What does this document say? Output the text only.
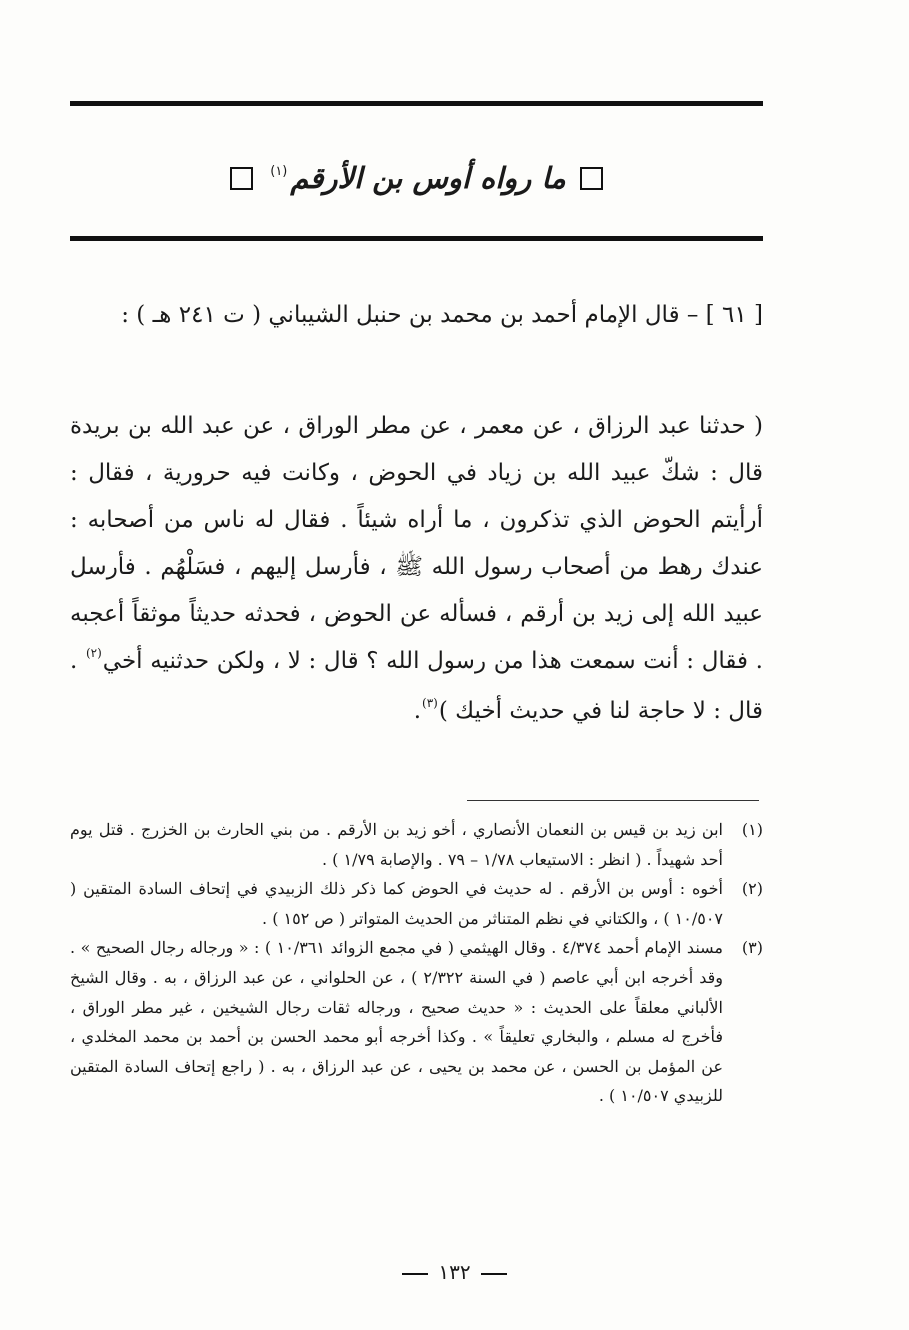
ما رواه أوس بن الأرقم$^{(١)}$
[ ٦١ ] – قال الإمام أحمد بن محمد بن حنبل الشيباني ( ت ٢٤١ هـ ) :
( حدثنا عبد الرزاق ، عن معمر ، عن مطر الوراق ، عن عبد الله بن بريدة قال : شكّ عبيد الله بن زياد في الحوض ، وكانت فيه حرورية ، فقال : أرأيتم الحوض الذي تذكرون ، ما أراه شيئاً . فقال له ناس من أصحابه : عندك رهط من أصحاب رسول الله ﷺ ، فأرسل إليهم ، فسَلْهُم . فأرسل عبيد الله إلى زيد بن أرقم ، فسأله عن الحوض ، فحدثه حديثاً موثقاً أعجبه . فقال : أنت سمعت هذا من رسول الله ؟ قال : لا ، ولكن حدثنيه أخي$^{(٢)}$ . قال : لا حاجة لنا في حديث أخيك )$^{(٣)}$.
(١)
ابن زيد بن قيس بن النعمان الأنصاري ، أخو زيد بن الأرقم . من بني الحارث بن الخزرج . قتل يوم أحد شهيداً . ( انظر : الاستيعاب ١/٧٨ – ٧٩ . والإصابة ١/٧٩ ) .
(٢)
أخوه : أوس بن الأرقم . له حديث في الحوض كما ذكر ذلك الزبيدي في إتحاف السادة المتقين ( ١٠/٥٠٧ ) ، والكتاني في نظم المتناثر من الحديث المتواتر ( ص ١٥٢ ) .
(٣)
مسند الإمام أحمد ٤/٣٧٤ . وقال الهيثمي ( في مجمع الزوائد ١٠/٣٦١ ) : « ورجاله رجال الصحيح » . وقد أخرجه ابن أبي عاصم ( في السنة ٢/٣٢٢ ) ، عن الحلواني ، عن عبد الرزاق ، به . وقال الشيخ الألباني معلقاً على الحديث : « حديث صحيح ، ورجاله ثقات رجال الشيخين ، غير مطر الوراق ، فأخرج له مسلم ، والبخاري تعليقاً » . وكذا أخرجه أبو محمد الحسن بن أحمد بن محمد المخلدي ، عن المؤمل بن الحسن ، عن محمد بن يحيى ، عن عبد الرزاق ، به . ( راجع إتحاف السادة المتقين للزبيدي ١٠/٥٠٧ ) .
١٣٢
